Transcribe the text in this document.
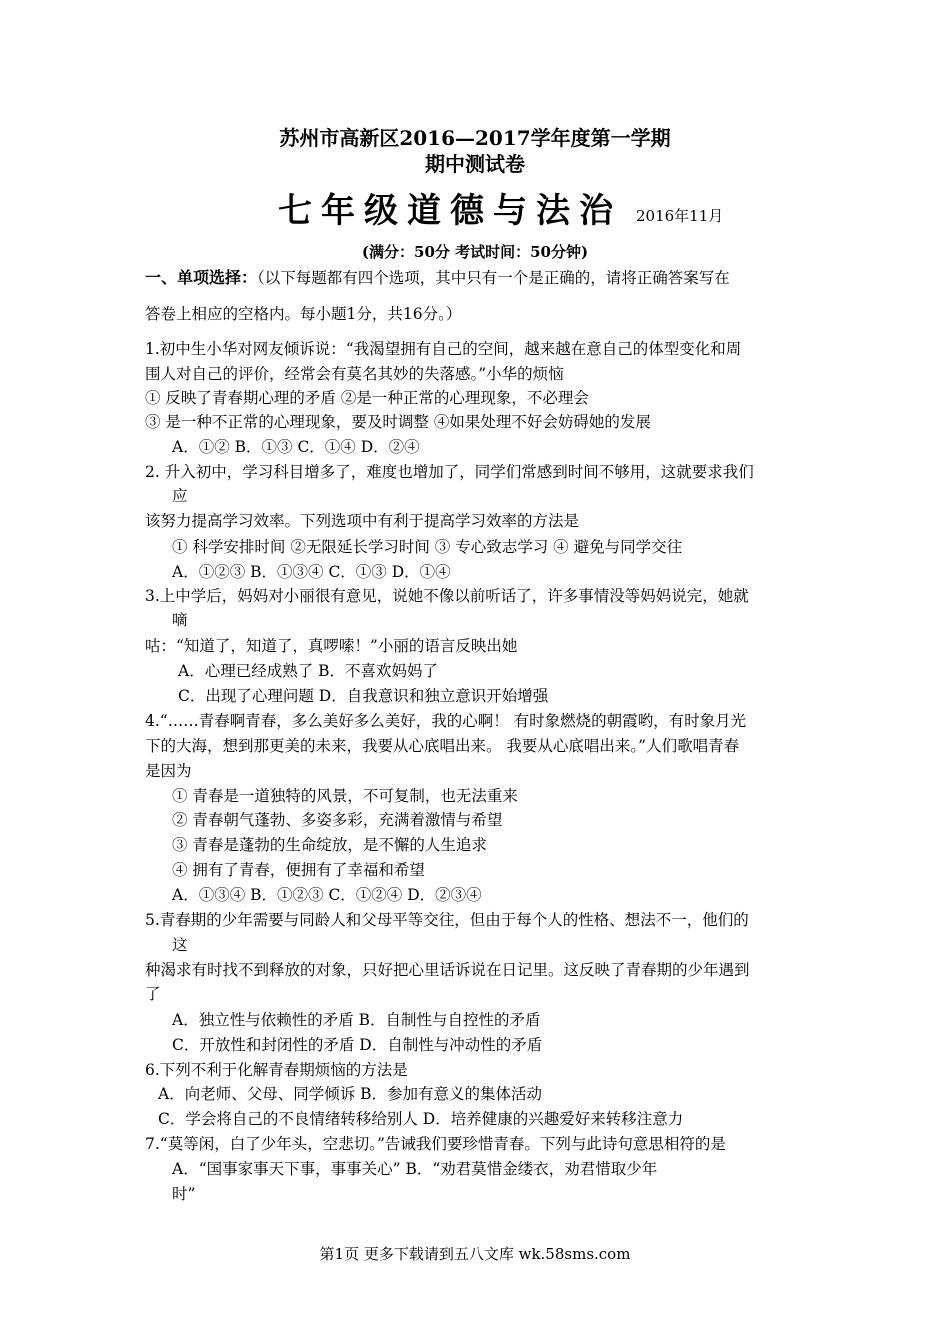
苏州市高新区2016—2017学年度第一学期
期中测试卷
七年级道德与法治 2016年11月
(满分：50分 考试时间：50分钟)
一、单项选择：（以下每题都有四个选项，其中只有一个是正确的，请将正确答案写在
答卷上相应的空格内。每小题1分，共16分。）
1.初中生小华对网友倾诉说：“我渴望拥有自己的空间，越来越在意自己的体型变化和周
围人对自己的评价，经常会有莫名其妙的失落感。”小华的烦恼
① 反映了青春期心理的矛盾 ②是一种正常的心理现象，不必理会
③ 是一种不正常的心理现象，要及时调整 ④如果处理不好会妨碍她的发展
A．①② B．①③ C．①④ D．②④
2. 升入初中，学习科目增多了，难度也增加了，同学们常感到时间不够用，这就要求我们
应
该努力提高学习效率。下列选项中有利于提高学习效率的方法是
① 科学安排时间 ②无限延长学习时间 ③ 专心致志学习 ④ 避免与同学交往
A．①②③ B．①③④ C．①③ D．①④
3.上中学后，妈妈对小丽很有意见，说她不像以前听话了，许多事情没等妈妈说完，她就
嘀
咕：“知道了，知道了，真啰嗦！”小丽的语言反映出她
A．心理已经成熟了 B．不喜欢妈妈了
C．出现了心理问题 D．自我意识和独立意识开始增强
4.“……青春啊青春，多么美好多么美好，我的心啊！ 有时象燃烧的朝霞哟，有时象月光
下的大海，想到那更美的未来，我要从心底唱出来。 我要从心底唱出来。”人们歌唱青春
是因为
① 青春是一道独特的风景，不可复制，也无法重来
② 青春朝气蓬勃、多姿多彩，充满着激情与希望
③ 青春是蓬勃的生命绽放，是不懈的人生追求
④ 拥有了青春，便拥有了幸福和希望
A．①③④ B．①②③ C．①②④ D．②③④
5.青春期的少年需要与同龄人和父母平等交往，但由于每个人的性格、想法不一，他们的
这
种渴求有时找不到释放的对象，只好把心里话诉说在日记里。这反映了青春期的少年遇到
了
A．独立性与依赖性的矛盾 B．自制性与自控性的矛盾
C．开放性和封闭性的矛盾 D．自制性与冲动性的矛盾
6.下列不利于化解青春期烦恼的方法是
A．向老师、父母、同学倾诉 B．参加有意义的集体活动
C．学会将自己的不良情绪转移给别人 D．培养健康的兴趣爱好来转移注意力
7.“莫等闲，白了少年头，空悲切。”告诫我们要珍惜青春。下列与此诗句意思相符的是
A．“国事家事天下事，事事关心” B．“劝君莫惜金缕衣，劝君惜取少年
时”
第1页 更多下载请到五八文库 wk.58sms.com
